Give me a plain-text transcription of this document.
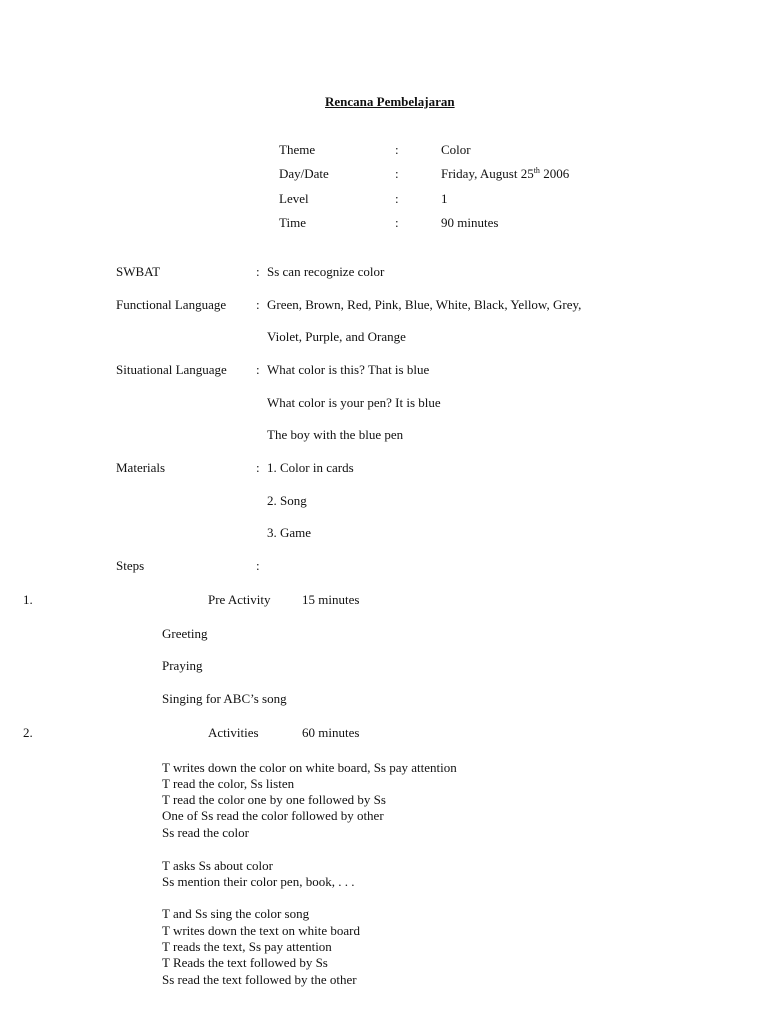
Rencana Pembelajaran
Theme	:	Color
Day/Date	:	Friday, August 25th 2006
Level	:	1
Time	:	90 minutes
SWBAT	: Ss can recognize color
Functional Language : Green, Brown, Red, Pink, Blue, White, Black, Yellow, Grey,
Violet, Purple, and Orange
Situational Language : What color is this? That is blue
What color is your pen? It is blue
The boy with the blue pen
Materials	: 1. Color in cards
2. Song
3. Game
Steps	:
1.	Pre Activity 15 minutes
Greeting
Praying
Singing for ABC’s song
2.	Activities	60 minutes
T writes down the color on white board, Ss pay attention
T read the color, Ss listen
T read the color one by one followed by Ss
One of Ss read the color followed by other
Ss read the color
T asks Ss about color
Ss mention their color pen, book, . . .
T and Ss sing the color song
T writes down the text on white board
T reads the text, Ss pay attention
T Reads the text followed by Ss
Ss read the text followed by the other
